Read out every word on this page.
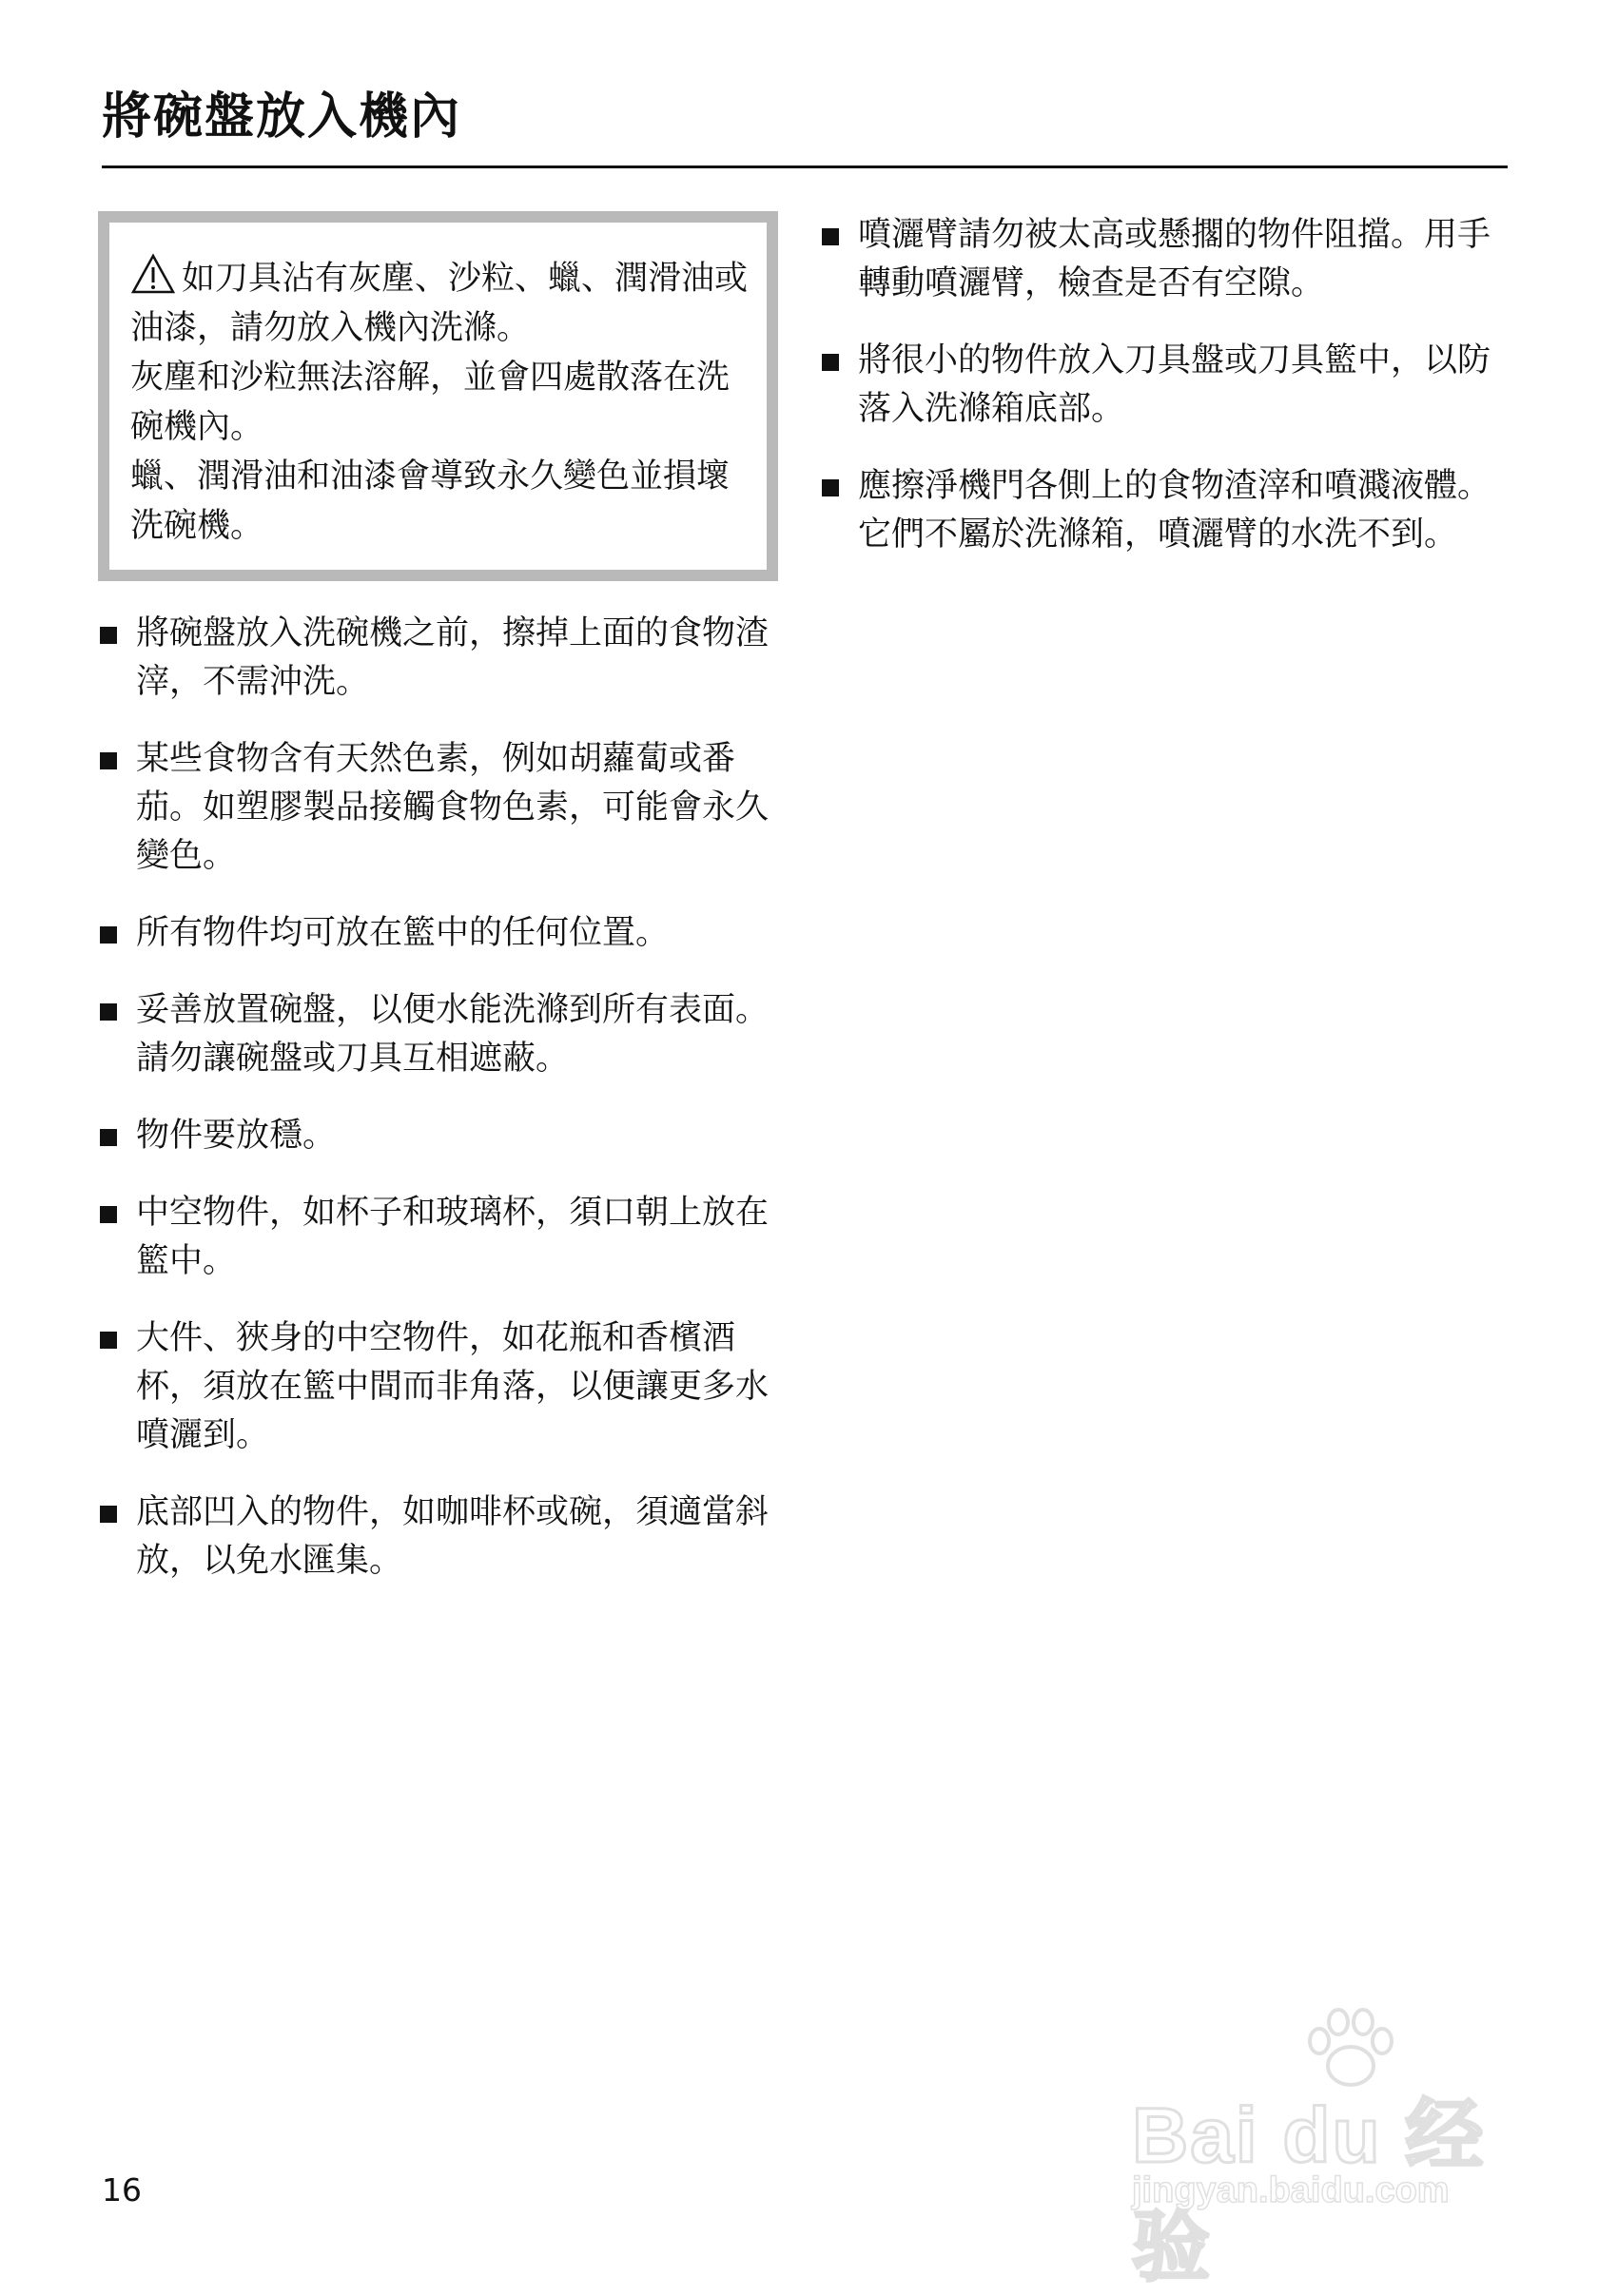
將碗盤放入機內

如刀具沾有灰塵、沙粒、蠟、潤滑油或油漆，請勿放入機內洗滌。

灰塵和沙粒無法溶解，並會四處散落在洗碗機內。

蠟、潤滑油和油漆會導致永久變色並損壞洗碗機。

將碗盤放入洗碗機之前，擦掉上面的食物渣滓，不需沖洗。
某些食物含有天然色素，例如胡蘿蔔或番茄。如塑膠製品接觸食物色素，可能會永久變色。
所有物件均可放在籃中的任何位置。
妥善放置碗盤，以便水能洗滌到所有表面。請勿讓碗盤或刀具互相遮蔽。
物件要放穩。
中空物件，如杯子和玻璃杯，須口朝上放在籃中。
大件、狹身的中空物件，如花瓶和香檳酒杯，須放在籃中間而非角落，以便讓更多水噴灑到。
底部凹入的物件，如咖啡杯或碗，須適當斜放，以免水匯集。
噴灑臂請勿被太高或懸擱的物件阻擋。用手轉動噴灑臂，檢查是否有空隙。
將很小的物件放入刀具盤或刀具籃中，以防落入洗滌箱底部。
應擦淨機門各側上的食物渣滓和噴濺液體。它們不屬於洗滌箱，噴灑臂的水洗不到。
16
Bai du 经验
jingyan.baidu.com
